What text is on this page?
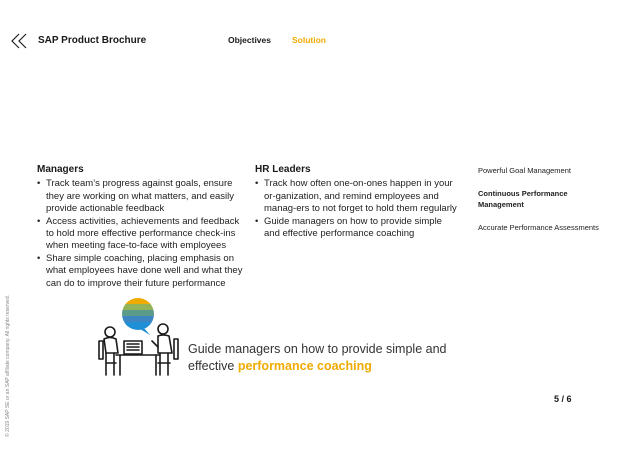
SAP Product Brochure	Objectives Solution
Managers
• Track team’s progress against goals, ensure they are working on what matters, and easily provide actionable feedback
• Access activities, achievements and feedback to hold more effective performance check-ins when meeting face-to-face with employees
• Share simple coaching, placing emphasis on what employees have done well and what they can do to improve their future performance
HR Leaders
• Track how often one-on-ones happen in your or-ganization, and remind employees and manag-ers to not forget to hold them regularly
• Guide managers on how to provide simple and effective performance coaching
Powerful Goal Management
Continuous Performance Management
Accurate Performance Assessments
© 2019 SAP SE or an SAP affiliate company. All rights reserved.	Guide managers on how to provide simple and effective performance coaching
5 / 6
